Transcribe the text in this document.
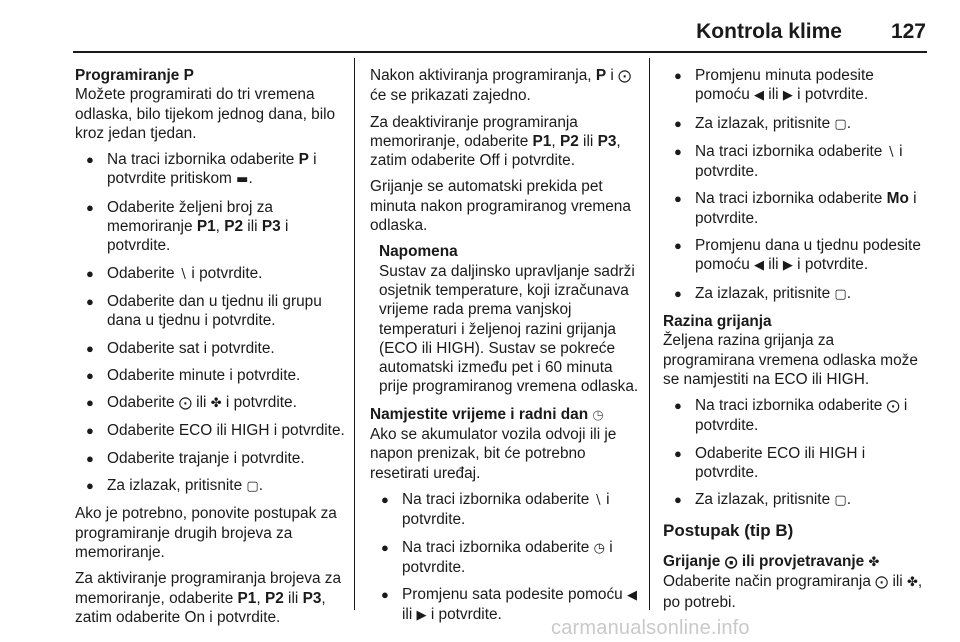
Kontrola klime 127

Programiranje P

Možete programirati do tri vremena odlaska, bilo tijekom jednog dana, bilo kroz jedan tjedan.

● Na traci izbornika odaberite P i potvrdite pritiskom ▬.
● Odaberite željeni broj za memoriranje P1, P2 ili P3 i potvrdite.
● Odaberite ∖ i potvrdite.
● Odaberite dan u tjednu ili grupu dana u tjednu i potvrdite.
● Odaberite sat i potvrdite.
● Odaberite minute i potvrdite.
● Odaberite ⨀ ili ✤ i potvrdite.
● Odaberite ECO ili HIGH i potvrdite.
● Odaberite trajanje i potvrdite.
● Za izlazak, pritisnite ▢.

Ako je potrebno, ponovite postupak za programiranje drugih brojeva za memoriranje.

Za aktiviranje programiranja brojeva za memoriranje, odaberite P1, P2 ili P3, zatim odaberite On i potvrdite.

Nakon aktiviranja programiranja, P i ⨀ će se prikazati zajedno.

Za deaktiviranje programiranja memoriranje, odaberite P1, P2 ili P3, zatim odaberite Off i potvrdite.

Grijanje se automatski prekida pet minuta nakon programiranog vremena odlaska.

Napomena
Sustav za daljinsko upravljanje sadrži osjetnik temperature, koji izračunava vrijeme rada prema vanjskoj temperaturi i željenoj razini grijanja (ECO ili HIGH). Sustav se pokreće automatski između pet i 60 minuta prije programiranog vremena odlaska.

Namjestite vrijeme i radni dan ◷

Ako se akumulator vozila odvoji ili je napon prenizak, bit će potrebno resetirati uređaj.

● Na traci izbornika odaberite ∖ i potvrdite.
● Na traci izbornika odaberite ◷ i potvrdite.
● Promjenu sata podesite pomoću ◀ ili ▶ i potvrdite.
● Promjenu minuta podesite pomoću ◀ ili ▶ i potvrdite.
● Za izlazak, pritisnite ▢.
● Na traci izbornika odaberite ∖ i potvrdite.
● Na traci izbornika odaberite Mo i potvrdite.
● Promjenu dana u tjednu podesite pomoću ◀ ili ▶ i potvrdite.
● Za izlazak, pritisnite ▢.

Razina grijanja

Željena razina grijanja za programirana vremena odlaska može se namjestiti na ECO ili HIGH.

● Na traci izbornika odaberite ⨀ i potvrdite.
● Odaberite ECO ili HIGH i potvrdite.
● Za izlazak, pritisnite ▢.
Postupak (tip B)

Grijanje ⨀ ili provjetravanje ✤

Odaberite način programiranja ⨀ ili ✤, po potrebi.

carmanualsonline.info
